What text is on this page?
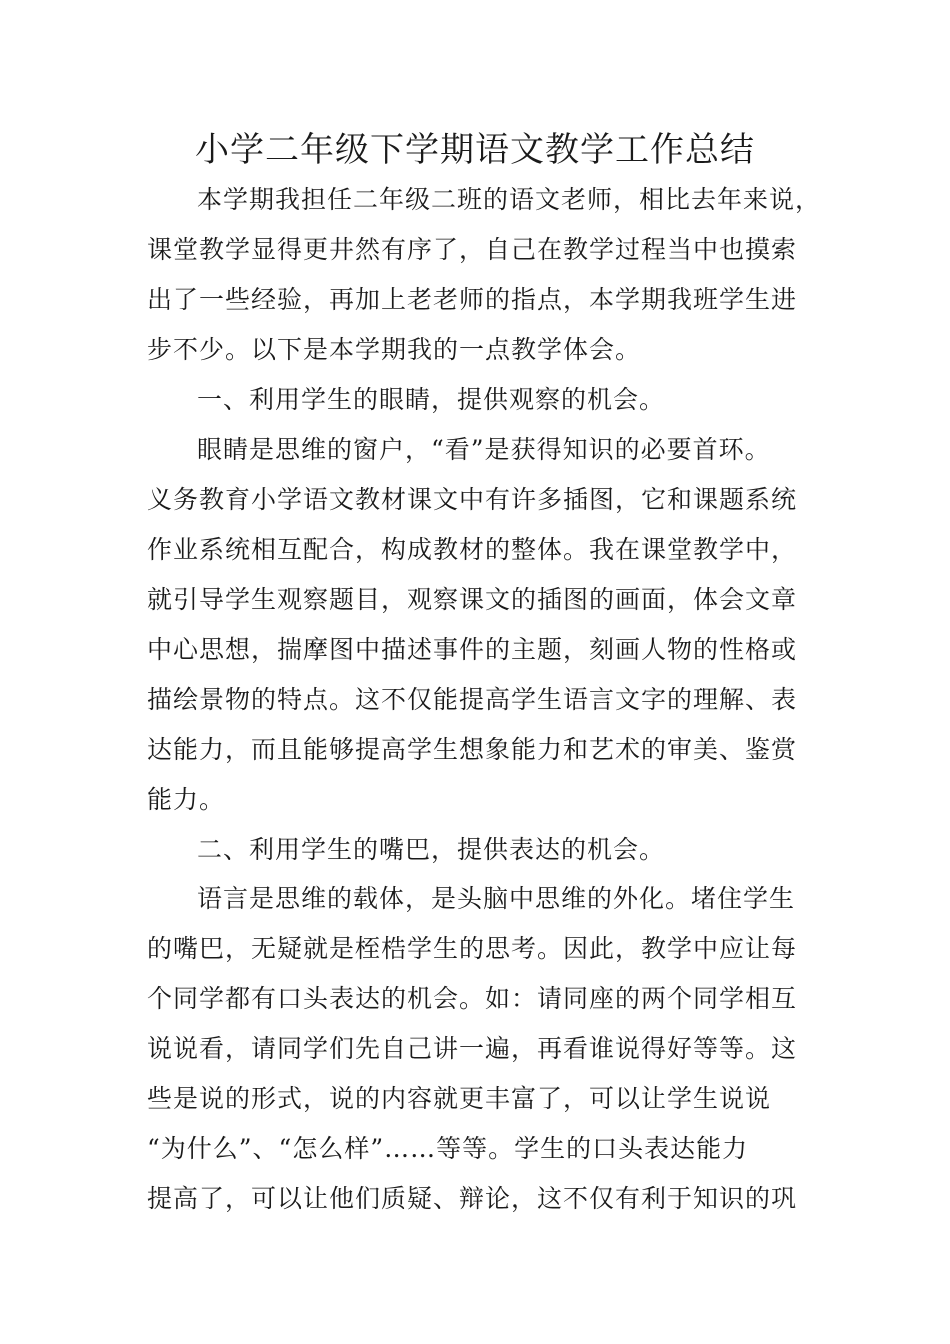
小学二年级下学期语文教学工作总结
本学期我担任二年级二班的语文老师，相比去年来说，
课堂教学显得更井然有序了，自己在教学过程当中也摸索
出了一些经验，再加上老老师的指点，本学期我班学生进
步不少。以下是本学期我的一点教学体会。
一、利用学生的眼睛，提供观察的机会。
眼睛是思维的窗户，“看”是获得知识的必要首环。
义务教育小学语文教材课文中有许多插图，它和课题系统
作业系统相互配合，构成教材的整体。我在课堂教学中，
就引导学生观察题目，观察课文的插图的画面，体会文章
中心思想，揣摩图中描述事件的主题，刻画人物的性格或
描绘景物的特点。这不仅能提高学生语言文字的理解、表
达能力，而且能够提高学生想象能力和艺术的审美、鉴赏
能力。
二、利用学生的嘴巴，提供表达的机会。
语言是思维的载体，是头脑中思维的外化。堵住学生
的嘴巴，无疑就是桎梏学生的思考。因此，教学中应让每
个同学都有口头表达的机会。如：请同座的两个同学相互
说说看，请同学们先自己讲一遍，再看谁说得好等等。这
些是说的形式，说的内容就更丰富了，可以让学生说说
“为什么”、“怎么样”……等等。学生的口头表达能力
提高了，可以让他们质疑、辩论，这不仅有利于知识的巩
